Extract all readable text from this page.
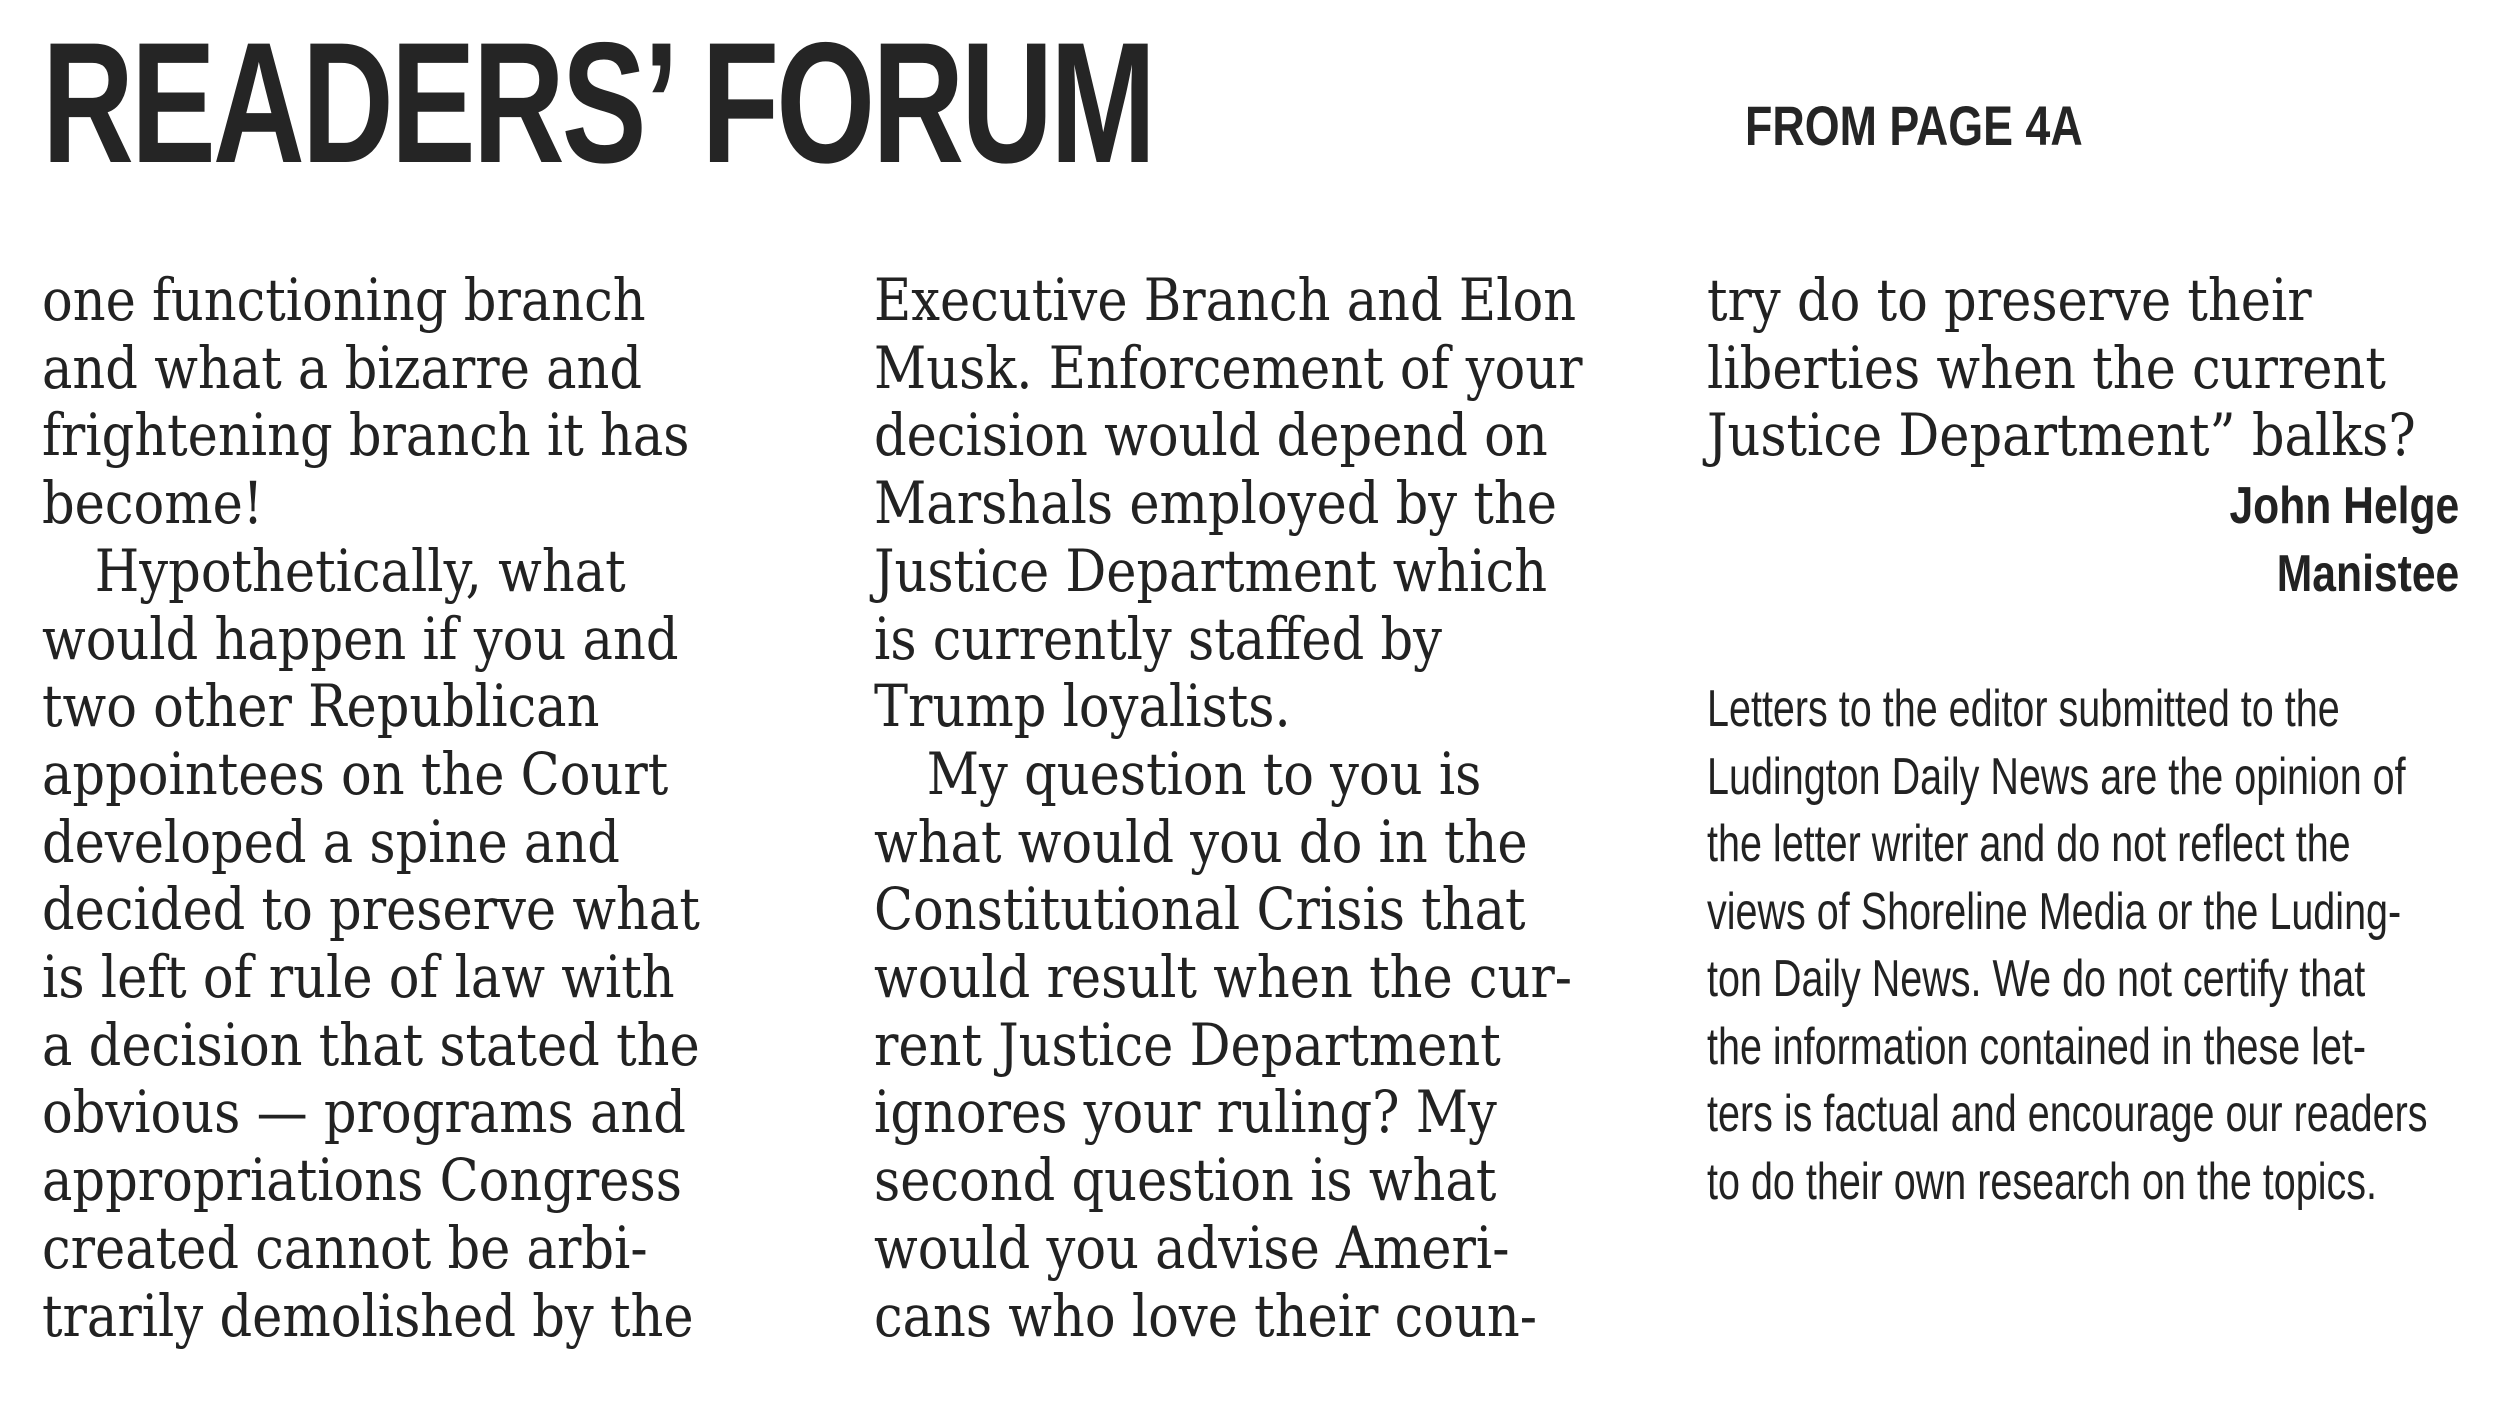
READERS’ FORUM	FROM PAGE 4A
one functioning branch
and what a bizarre and
frightening branch it has
become!
Hypothetically, what
would happen if you and
two other Republican
appointees on the Court
developed a spine and
decided to preserve what
is left of rule of law with
a decision that stated the
obvious — programs and
appropriations Congress
created cannot be arbi-
trarily demolished by the
Executive Branch and Elon
Musk. Enforcement of your
decision would depend on
Marshals employed by the
Justice Department which
is currently staffed by
Trump loyalists.
My question to you is
what would you do in the
Constitutional Crisis that
would result when the cur-
rent Justice Department
ignores your ruling? My
second question is what
would you advise Ameri-
cans who love their coun-
try do to preserve their
liberties when the current
Justice Department” balks?
John Helge
Manistee
Letters to the editor submitted to the
Ludington Daily News are the opinion of
the letter writer and do not reflect the
views of Shoreline Media or the Luding-
ton Daily News. We do not certify that
the information contained in these let-
ters is factual and encourage our readers
to do their own research on the topics.
